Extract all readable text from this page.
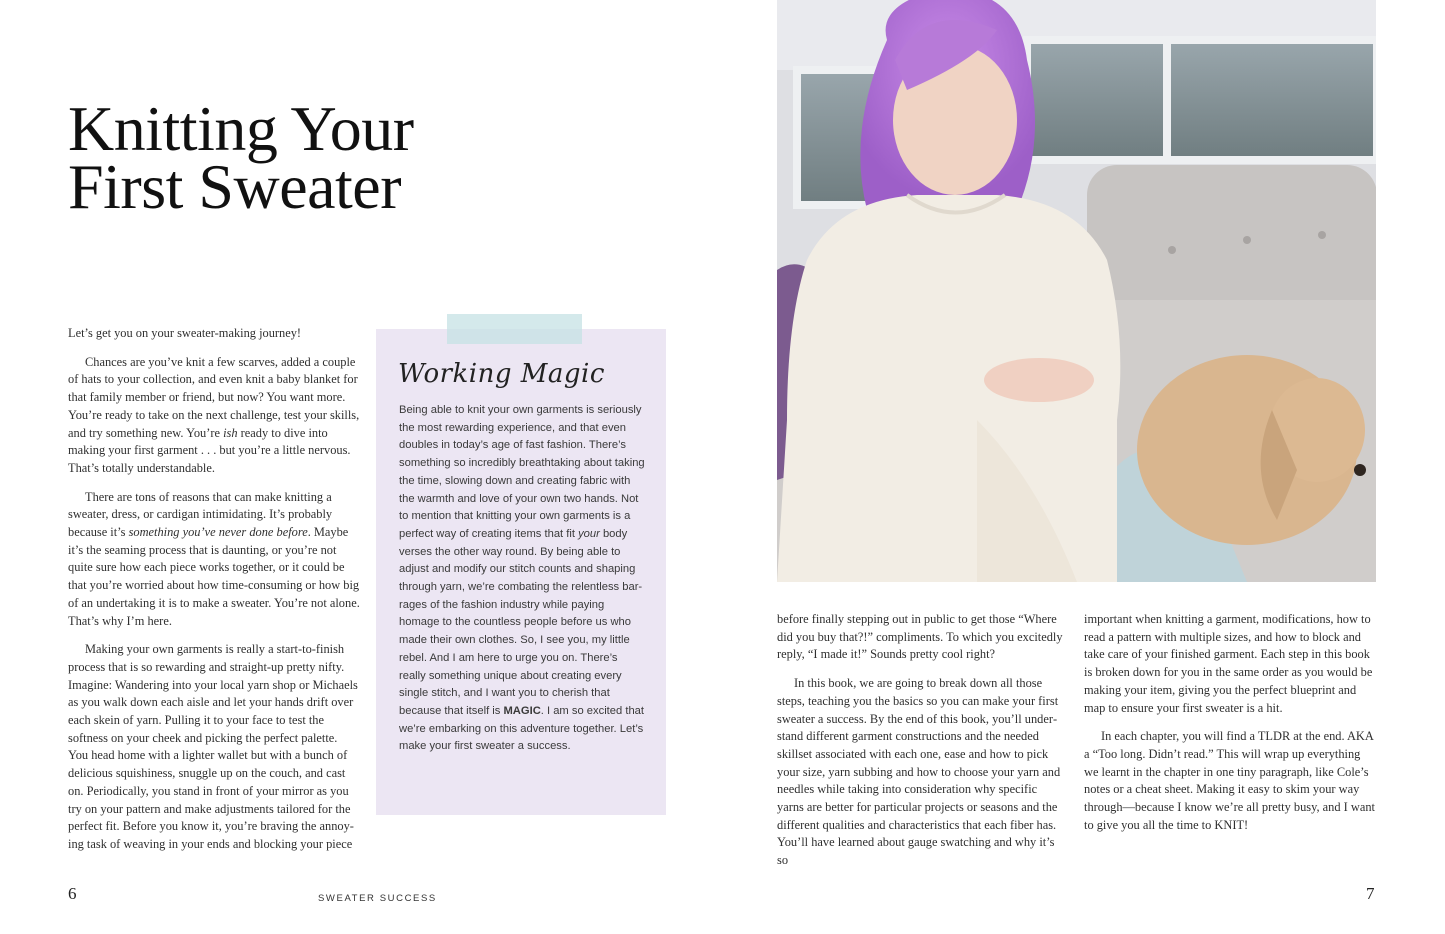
Knitting Your
First Sweater

Let’s get you on your sweater-making journey!

Chances are you’ve knit a few scarves, added a couple of hats to your collection, and even knit a baby blanket for that family member or friend, but now? You want more. You’re ready to take on the next challenge, test your skills, and try something new. You’re ish ready to dive into making your first garment . . . but you’re a little nervous. That’s totally understandable.

There are tons of reasons that can make knitting a sweater, dress, or cardigan intimidating. It’s probably because it’s something you’ve never done before. Maybe it’s the seaming process that is daunting, or you’re not quite sure how each piece works together, or it could be that you’re worried about how time-consuming or how big of an undertaking it is to make a sweater. You’re not alone. That’s why I’m here.

Making your own garments is really a start-to-finish process that is so rewarding and straight-up pretty nifty. Imagine: Wandering into your local yarn shop or Michaels as you walk down each aisle and let your hands drift over each skein of yarn. Pulling it to your face to test the softness on your cheek and picking the perfect palette. You head home with a lighter wallet but with a bunch of delicious squishiness, snuggle up on the couch, and cast on. Periodically, you stand in front of your mirror as you try on your pattern and make adjustments tailored for the perfect fit. Before you know it, you’re braving the annoying task of weaving in your ends and blocking your piece

Working Magic

Being able to knit your own garments is seriously the most rewarding experience, and that even doubles in today’s age of fast fashion. There’s something so incredibly breathtaking about taking the time, slowing down and creating fabric with the warmth and love of your own two hands. Not to mention that knitting your own garments is a perfect way of creating items that fit your body verses the other way round. By being able to adjust and modify our stitch counts and shaping through yarn, we’re combating the relentless barrages of the fashion industry while paying homage to the countless people before us who made their own clothes. So, I see you, my little rebel. And I am here to urge you on. There’s really something unique about creating every single stitch, and I want you to cherish that because that itself is MAGIC. I am so excited that we’re embarking on this adventure together. Let’s make your first sweater a success.

before finally stepping out in public to get those “Where did you buy that?!” compliments. To which you excitedly reply, “I made it!” Sounds pretty cool right?

In this book, we are going to break down all those steps, teaching you the basics so you can make your first sweater a success. By the end of this book, you’ll understand different garment constructions and the needed skillset associated with each one, ease and how to pick your size, yarn subbing and how to choose your yarn and needles while taking into consideration why specific yarns are better for particular projects or seasons and the different qualities and characteristics that each fiber has. You’ll have learned about gauge swatching and why it’s so

important when knitting a garment, modifications, how to read a pattern with multiple sizes, and how to block and take care of your finished garment. Each step in this book is broken down for you in the same order as you would be making your item, giving you the perfect blueprint and map to ensure your first sweater is a hit.

In each chapter, you will find a TLDR at the end. AKA a “Too long. Didn’t read.” This will wrap up everything we learnt in the chapter in one tiny paragraph, like Cole’s notes or a cheat sheet. Making it easy to skim your way through—because I know we’re all pretty busy, and I want to give you all the time to KNIT!

6	SWEATER SUCCESS	7
